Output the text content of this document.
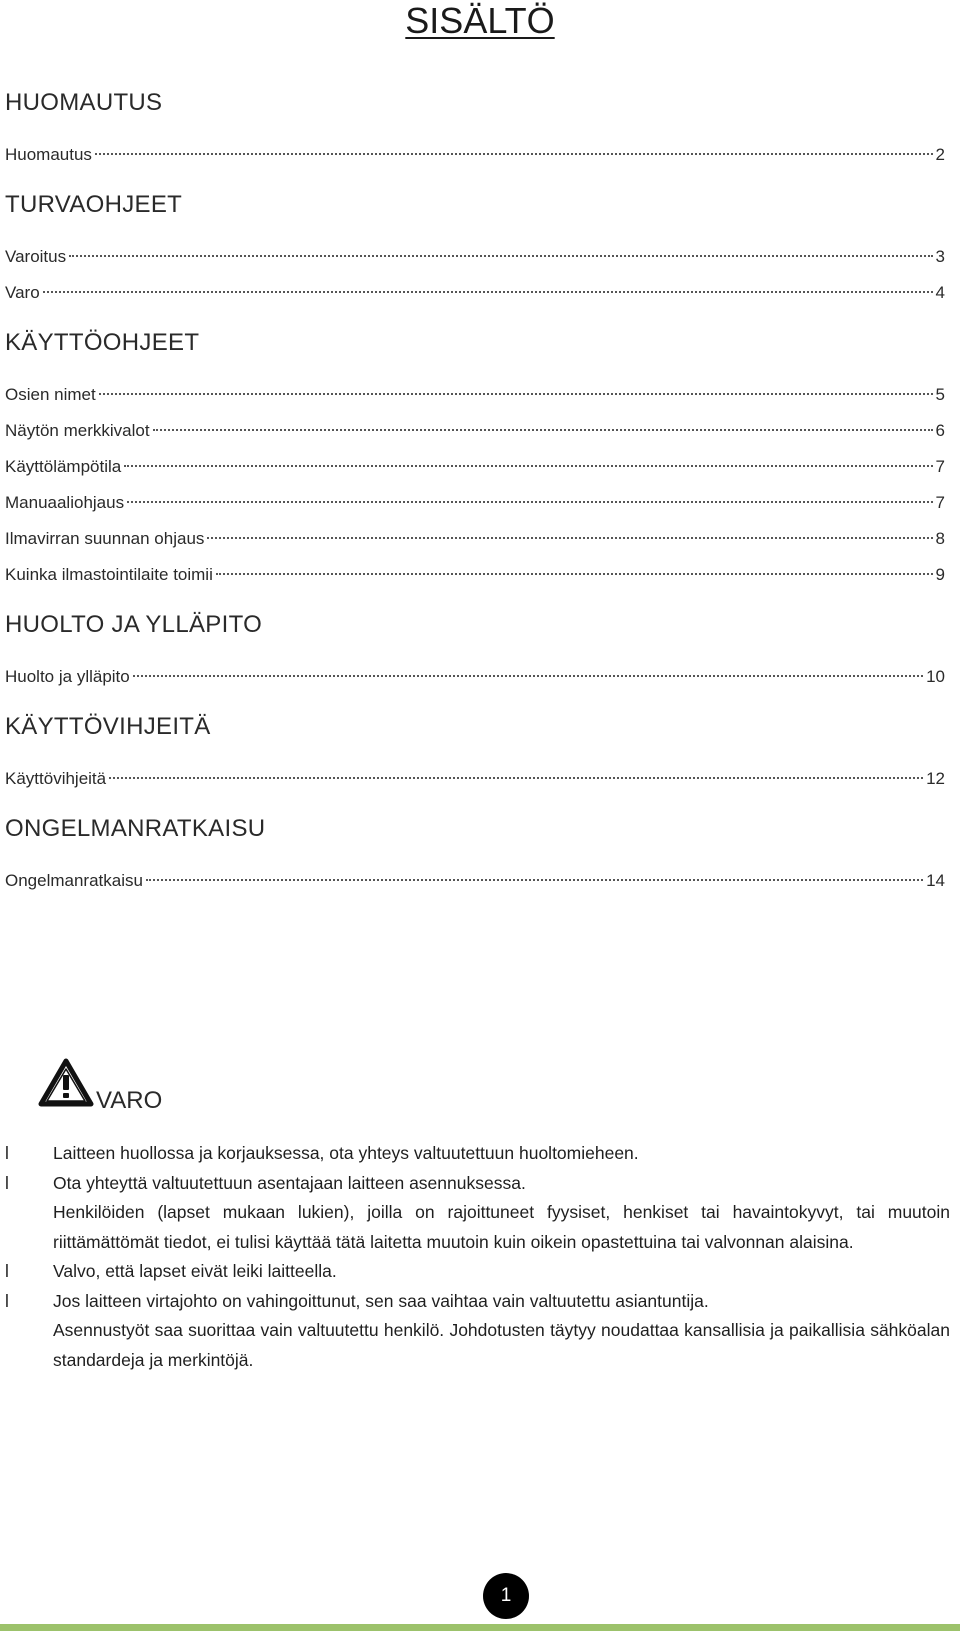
SISÄLTÖ
HUOMAUTUS
Huomautus	2
TURVAOHJEET
Varoitus	3
Varo	4
KÄYTTÖOHJEET
Osien nimet	5
Näytön merkkivalot	6
Käyttölämpötila	7
Manuaaliohjaus	7
Ilmavirran suunnan ohjaus	8
Kuinka ilmastointilaite toimii	9
HUOLTO JA YLLÄPITO
Huolto ja ylläpito	10
KÄYTTÖVIHJEITÄ
Käyttövihjeitä	12
ONGELMANRATKAISU
Ongelmanratkaisu	14
VARO
l	Laitteen huollossa ja korjauksessa, ota yhteys valtuutettuun huoltomieheen.
l	Ota yhteyttä valtuutettuun asentajaan laitteen asennuksessa.
Henkilöiden (lapset mukaan lukien), joilla on rajoittuneet fyysiset, henkiset tai havaintokyvyt, tai muutoin riittämättömät tiedot, ei tulisi käyttää tätä laitetta muutoin kuin oikein opastettuina tai valvonnan alaisina.
l	Valvo, että lapset eivät leiki laitteella.
l	Jos laitteen virtajohto on vahingoittunut, sen saa vaihtaa vain valtuutettu asiantuntija.
Asennustyöt saa suorittaa vain valtuutettu henkilö. Johdotusten täytyy noudattaa kansallisia ja paikallisia sähköalan standardeja ja merkintöjä.
1
